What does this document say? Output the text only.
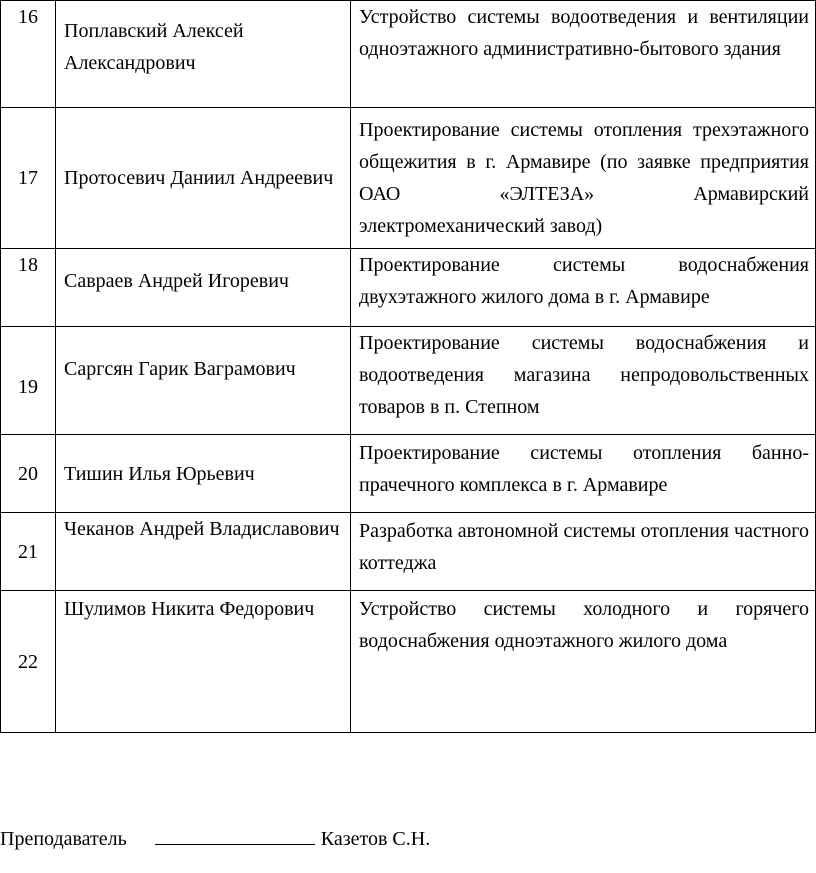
16	Поплавский Алексей Александрович	Устройство системы водоотведения и вентиляции одноэтажного административно-бытового здания
17	Протосевич Даниил Андреевич	Проектирование системы отопления трехэтажного общежития в г. Армавире (по заявке предприятия ОАО «ЭЛТЕЗА» Армавирский электромеханический завод)
18	Савраев Андрей Игоревич	Проектирование системы водоснабжения двухэтажного жилого дома в г. Армавире
19	Саргсян Гарик Ваграмович	Проектирование системы водоснабжения и водоотведения магазина непродовольственных товаров в п. Степном
20	Тишин Илья Юрьевич	Проектирование системы отопления банно-прачечного комплекса в г. Армавире
21	Чеканов Андрей Владиславович	Разработка автономной системы отопления частного коттеджа
22	Шулимов Никита Федорович	Устройство системы холодного и горячего водоснабжения одноэтажного жилого дома
Преподаватель	Казетов С.Н.
